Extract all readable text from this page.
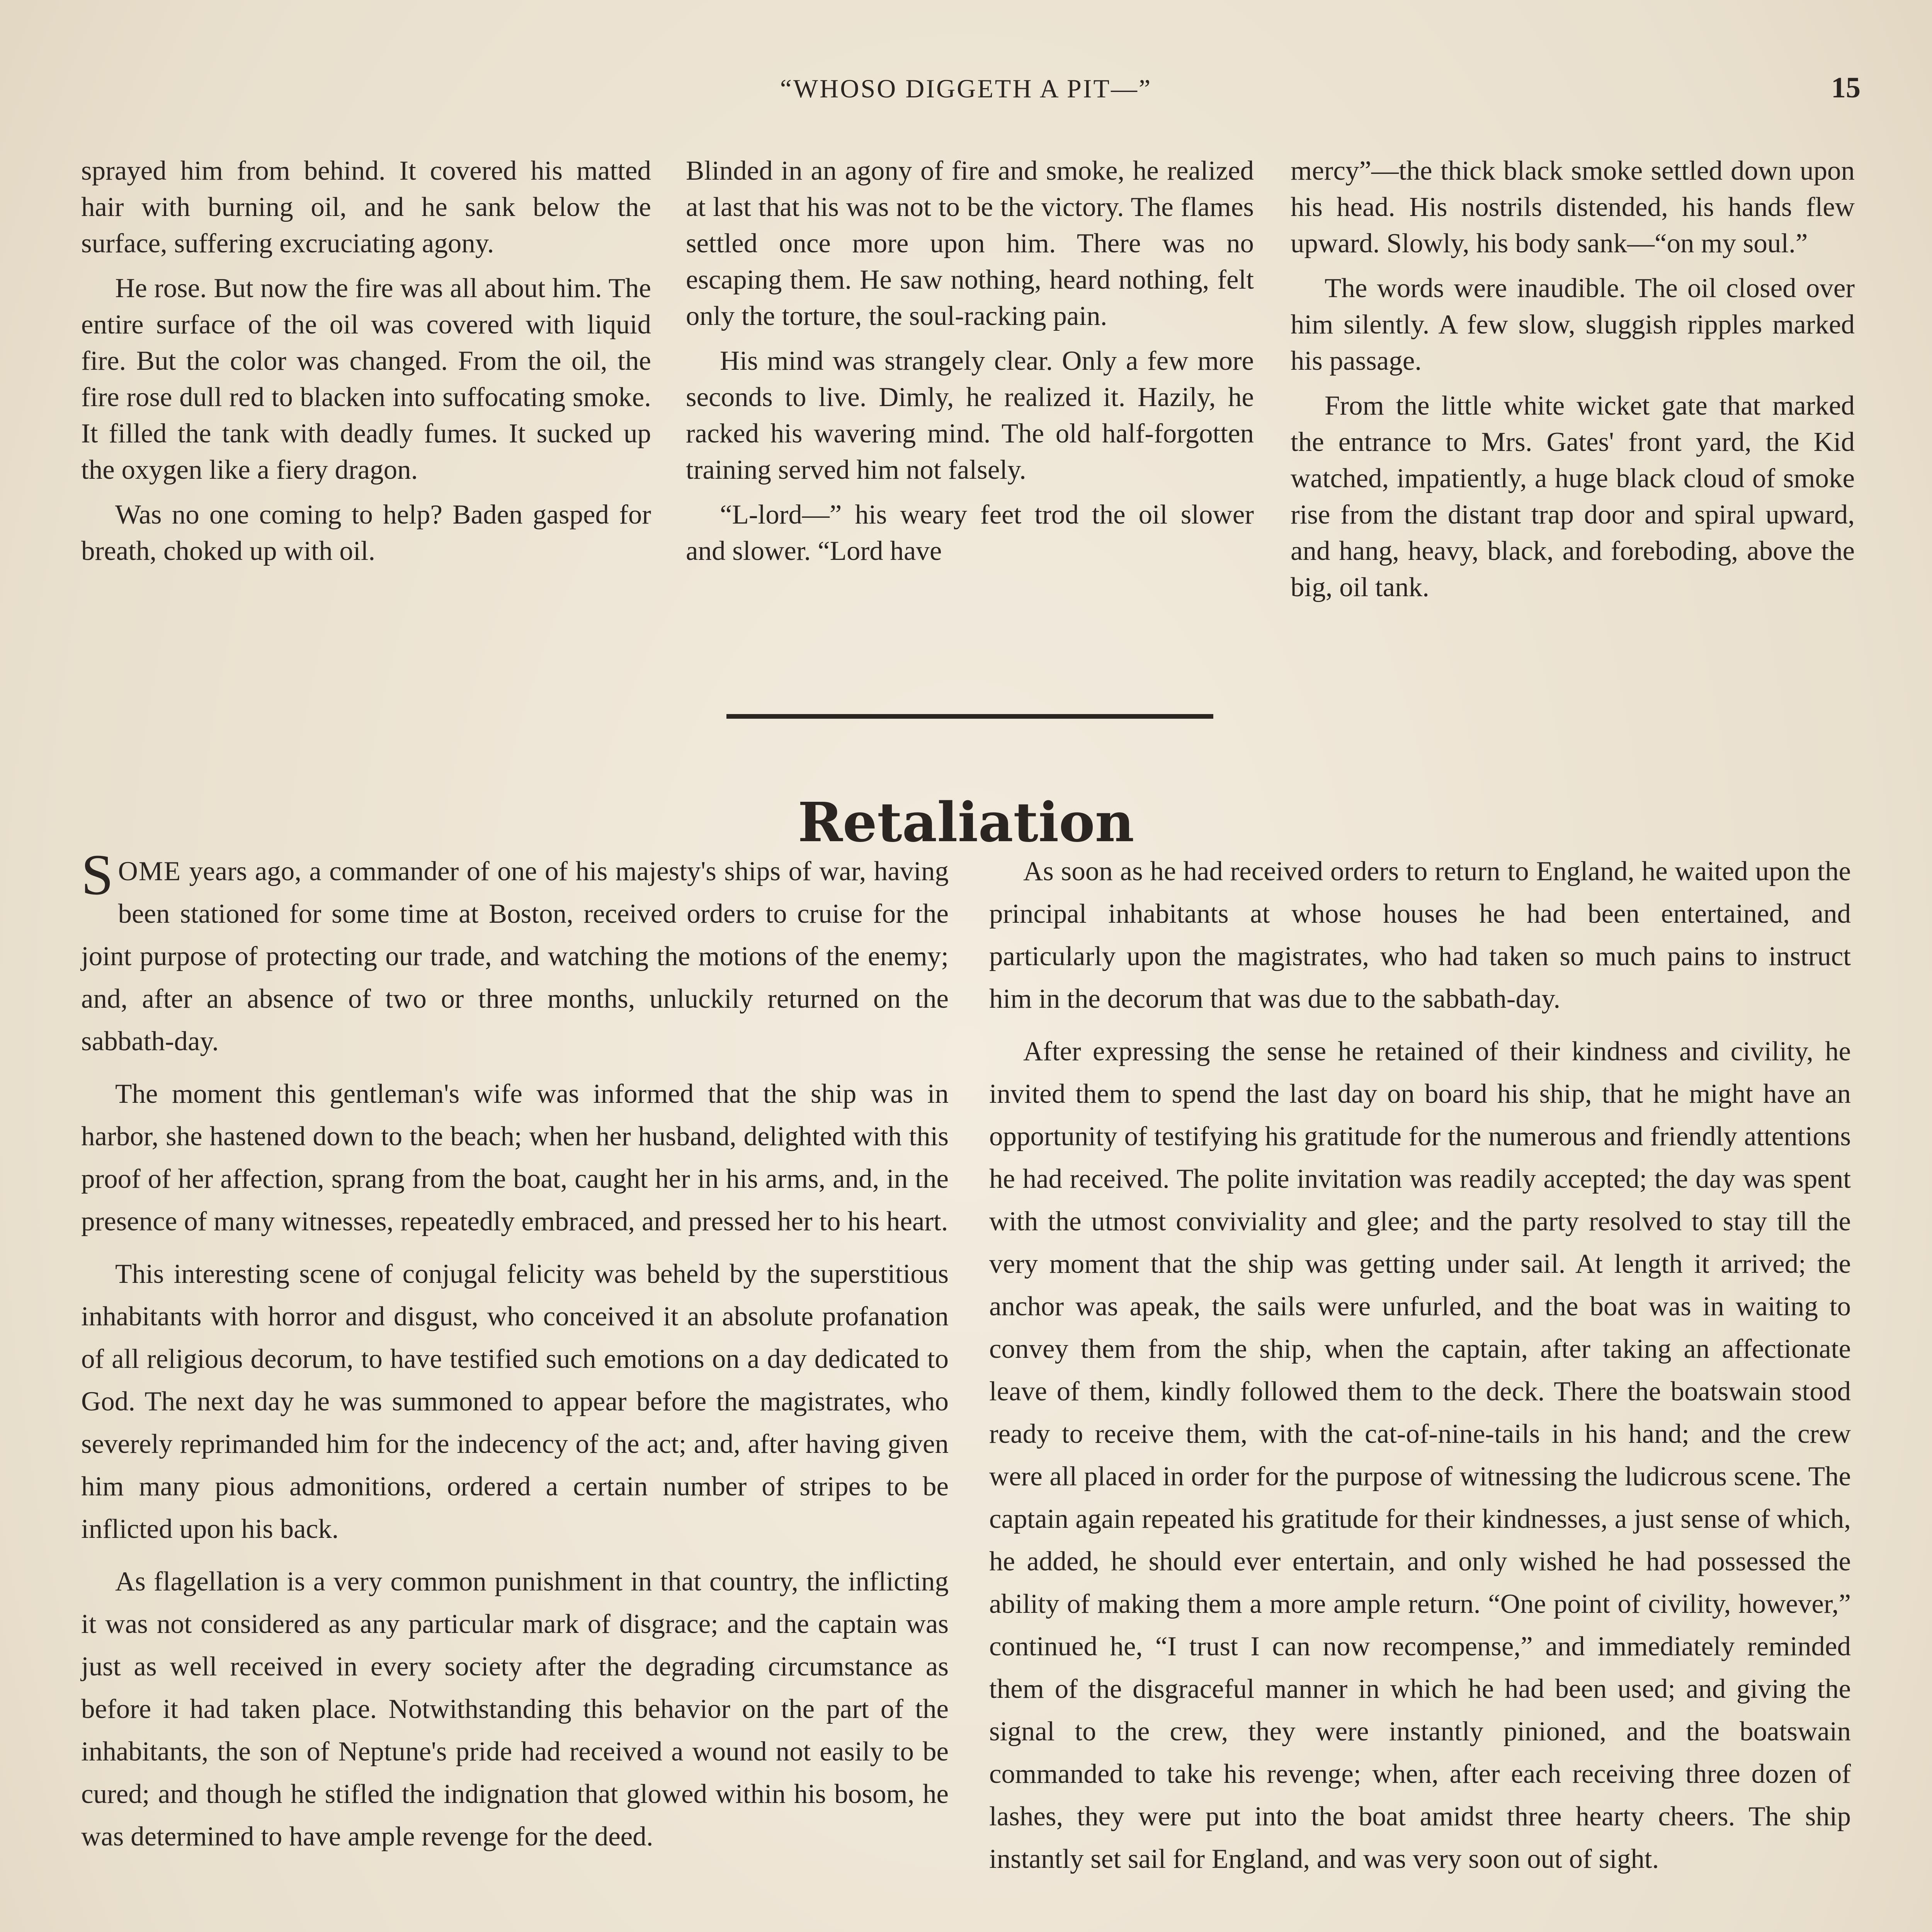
“WHOSO DIGGETH A PIT—”	15

sprayed him from behind. It covered his matted hair with burning oil, and he sank below the surface, suffering excruciating agony.

He rose. But now the fire was all about him. The entire surface of the oil was covered with liquid fire. But the color was changed. From the oil, the fire rose dull red to blacken into suffocating smoke. It filled the tank with deadly fumes. It sucked up the oxygen like a fiery dragon.

Was no one coming to help? Baden gasped for breath, choked up with oil.

Blinded in an agony of fire and smoke, he realized at last that his was not to be the victory. The flames settled once more upon him. There was no escaping them. He saw nothing, heard nothing, felt only the torture, the soul-racking pain.

His mind was strangely clear. Only a few more seconds to live. Dimly, he realized it. Hazily, he racked his wavering mind. The old half-forgotten training served him not falsely.

“L-lord—” his weary feet trod the oil slower and slower. “Lord have

mercy”—the thick black smoke settled down upon his head. His nostrils distended, his hands flew upward. Slowly, his body sank—“on my soul.”

The words were inaudible. The oil closed over him silently. A few slow, sluggish ripples marked his passage.

From the little white wicket gate that marked the entrance to Mrs. Gates' front yard, the Kid watched, impatiently, a huge black cloud of smoke rise from the distant trap door and spiral upward, and hang, heavy, black, and foreboding, above the big, oil tank.

Retaliation

SOME years ago, a commander of one of his majesty's ships of war, having been stationed for some time at Boston, received orders to cruise for the joint purpose of protecting our trade, and watching the motions of the enemy; and, after an absence of two or three months, unluckily returned on the sabbath-day.

The moment this gentleman's wife was informed that the ship was in harbor, she hastened down to the beach; when her husband, delighted with this proof of her affection, sprang from the boat, caught her in his arms, and, in the presence of many witnesses, repeatedly embraced, and pressed her to his heart.

This interesting scene of conjugal felicity was beheld by the superstitious inhabitants with horror and disgust, who conceived it an absolute profanation of all religious decorum, to have testified such emotions on a day dedicated to God. The next day he was summoned to appear before the magistrates, who severely reprimanded him for the indecency of the act; and, after having given him many pious admonitions, ordered a certain number of stripes to be inflicted upon his back.

As flagellation is a very common punishment in that country, the inflicting it was not considered as any particular mark of disgrace; and the captain was just as well received in every society after the degrading circumstance as before it had taken place. Notwithstanding this behavior on the part of the inhabitants, the son of Neptune's pride had received a wound not easily to be cured; and though he stifled the indignation that glowed within his bosom, he was determined to have ample revenge for the deed.

As soon as he had received orders to return to England, he waited upon the principal inhabitants at whose houses he had been entertained, and particularly upon the magistrates, who had taken so much pains to instruct him in the decorum that was due to the sabbath-day.

After expressing the sense he retained of their kindness and civility, he invited them to spend the last day on board his ship, that he might have an opportunity of testifying his gratitude for the numerous and friendly attentions he had received. The polite invitation was readily accepted; the day was spent with the utmost conviviality and glee; and the party resolved to stay till the very moment that the ship was getting under sail. At length it arrived; the anchor was apeak, the sails were unfurled, and the boat was in waiting to convey them from the ship, when the captain, after taking an affectionate leave of them, kindly followed them to the deck. There the boatswain stood ready to receive them, with the cat-of-nine-tails in his hand; and the crew were all placed in order for the purpose of witnessing the ludicrous scene. The captain again repeated his gratitude for their kindnesses, a just sense of which, he added, he should ever entertain, and only wished he had possessed the ability of making them a more ample return. “One point of civility, however,” continued he, “I trust I can now recompense,” and immediately reminded them of the disgraceful manner in which he had been used; and giving the signal to the crew, they were instantly pinioned, and the boatswain commanded to take his revenge; when, after each receiving three dozen of lashes, they were put into the boat amidst three hearty cheers. The ship instantly set sail for England, and was very soon out of sight.
